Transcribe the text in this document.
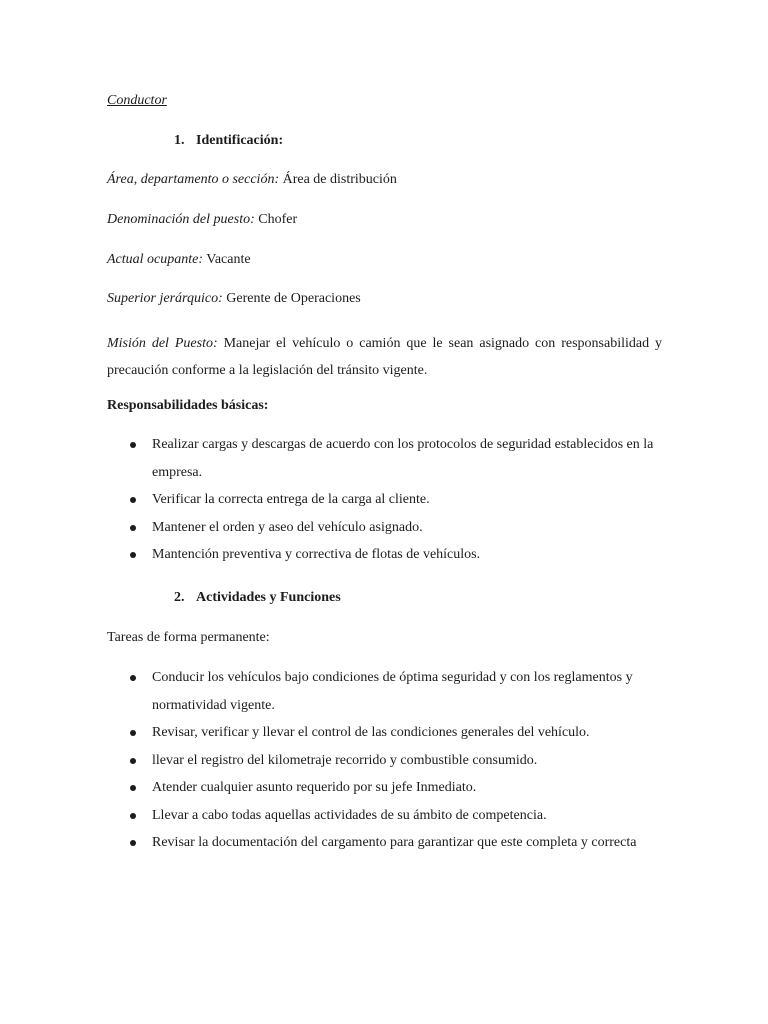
Conductor
1. Identificación:
Área, departamento o sección: Área de distribución
Denominación del puesto: Chofer
Actual ocupante: Vacante
Superior jerárquico: Gerente de Operaciones
Misión del Puesto: Manejar el vehículo o camión que le sean asignado con responsabilidad y precaución conforme a la legislación del tránsito vigente.
Responsabilidades básicas:
Realizar cargas y descargas de acuerdo con los protocolos de seguridad establecidos en la empresa.
Verificar la correcta entrega de la carga al cliente.
Mantener el orden y aseo del vehículo asignado.
Mantención preventiva y correctiva de flotas de vehículos.
2. Actividades y Funciones
Tareas de forma permanente:
Conducir los vehículos bajo condiciones de óptima seguridad y con los reglamentos y normatividad vigente.
Revisar, verificar y llevar el control de las condiciones generales del vehículo.
llevar el registro del kilometraje recorrido y combustible consumido.
Atender cualquier asunto requerido por su jefe Inmediato.
Llevar a cabo todas aquellas actividades de su ámbito de competencia.
Revisar la documentación del cargamento para garantizar que este completa y correcta
